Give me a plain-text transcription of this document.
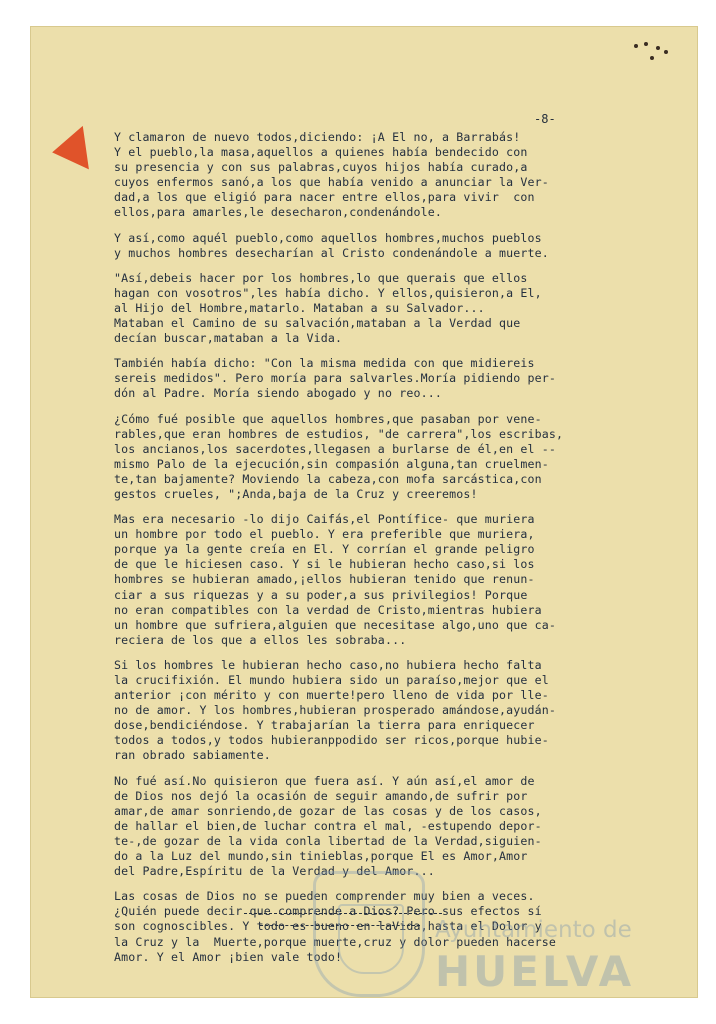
-8-
Y clamaron de nuevo todos,diciendo: ¡A El no, a Barrabás!
Y el pueblo,la masa,aquellos a quienes había bendecido con
su presencia y con sus palabras,cuyos hijos había curado,a
cuyos enfermos sanó,a los que había venido a anunciar la Ver-
dad,a los que eligió para nacer entre ellos,para vivir  con
ellos,para amarles,le desecharon,condenándole.
Y así,como aquél pueblo,como aquellos hombres,muchos pueblos
y muchos hombres desecharían al Cristo condenándole a muerte.
"Así,debeis hacer por los hombres,lo que querais que ellos
hagan con vosotros",les había dicho. Y ellos,quisieron,a El,
al Hijo del Hombre,matarlo. Mataban a su Salvador...
Mataban el Camino de su salvación,mataban a la Verdad que
decían buscar,mataban a la Vida.
También había dicho: "Con la misma medida con que midiereis
sereis medidos". Pero moría para salvarles.Moría pidiendo per-
dón al Padre. Moría siendo abogado y no reo...
¿Cómo fué posible que aquellos hombres,que pasaban por vene-
rables,que eran hombres de estudios, "de carrera",los escribas,
los ancianos,los sacerdotes,llegasen a burlarse de él,en el --
mismo Palo de la ejecución,sin compasión alguna,tan cruelmen-
te,tan bajamente? Moviendo la cabeza,con mofa sarcástica,con
gestos crueles, ";Anda,baja de la Cruz y creeremos!
Mas era necesario -lo dijo Caifás,el Pontífice- que muriera
un hombre por todo el pueblo. Y era preferible que muriera,
porque ya la gente creía en El. Y corrían el grande peligro
de que le hiciesen caso. Y si le hubieran hecho caso,si los
hombres se hubieran amado,¡ellos hubieran tenido que renun-
ciar a sus riquezas y a su poder,a sus privilegios! Porque
no eran compatibles con la verdad de Cristo,mientras hubiera
un hombre que sufriera,alguien que necesitase algo,uno que ca-
reciera de los que a ellos les sobraba...
Si los hombres le hubieran hecho caso,no hubiera hecho falta
la crucifixión. El mundo hubiera sido un paraíso,mejor que el
anterior ¡con mérito y con muerte!pero lleno de vida por lle-
no de amor. Y los hombres,hubieran prosperado amándose,ayudán-
dose,bendiciéndose. Y trabajarían la tierra para enriquecer
todos a todos,y todos hubieranppodido ser ricos,porque hubie-
ran obrado sabiamente.
No fué así.No quisieron que fuera así. Y aún así,el amor de
de Dios nos dejó la ocasión de seguir amando,de sufrir por
amar,de amar sonriendo,de gozar de las cosas y de los casos,
de hallar el bien,de luchar contra el mal, -estupendo depor-
te-,de gozar de la vida conla libertad de la Verdad,siguien-
do a la Luz del mundo,sin tinieblas,porque El es Amor,Amor
del Padre,Espíritu de la Verdad y del Amor...
Las cosas de Dios no se pueden comprender muy bien a veces.
¿Quién puede decir que comprende a Dios? Pero sus efectos sí
son cognoscibles. Y todo es bueno en laVida,hasta el Dolor y
la Cruz y la  Muerte,porque muerte,cruz y dolor pueden hacerse
Amor. Y el Amor ¡bien vale todo!
Ayuntamiento de
HUELVA
